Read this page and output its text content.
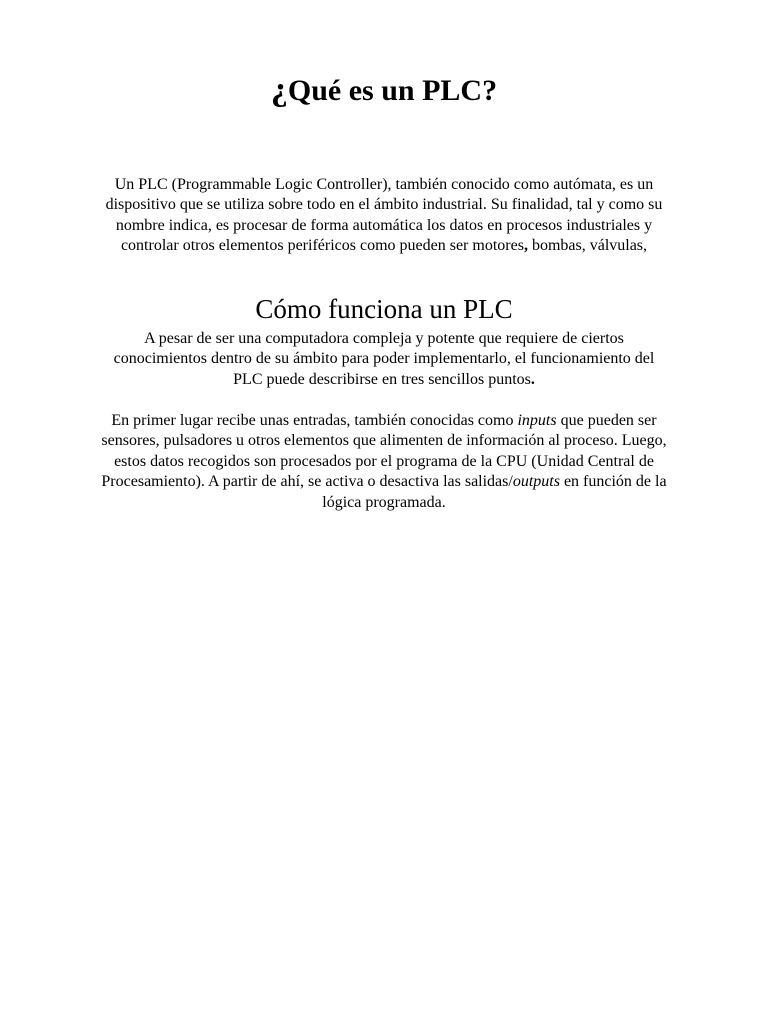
¿Qué es un PLC?

Un PLC (Programmable Logic Controller), también conocido como autómata, es un dispositivo que se utiliza sobre todo en el ámbito industrial. Su finalidad, tal y como su nombre indica, es procesar de forma automática los datos en procesos industriales y controlar otros elementos periféricos como pueden ser motores, bombas, válvulas,

Cómo funciona un PLC

A pesar de ser una computadora compleja y potente que requiere de ciertos conocimientos dentro de su ámbito para poder implementarlo, el funcionamiento del PLC puede describirse en tres sencillos puntos.

En primer lugar recibe unas entradas, también conocidas como inputs que pueden ser sensores, pulsadores u otros elementos que alimenten de información al proceso. Luego, estos datos recogidos son procesados por el programa de la CPU (Unidad Central de Procesamiento). A partir de ahí, se activa o desactiva las salidas/outputs en función de la lógica programada.
